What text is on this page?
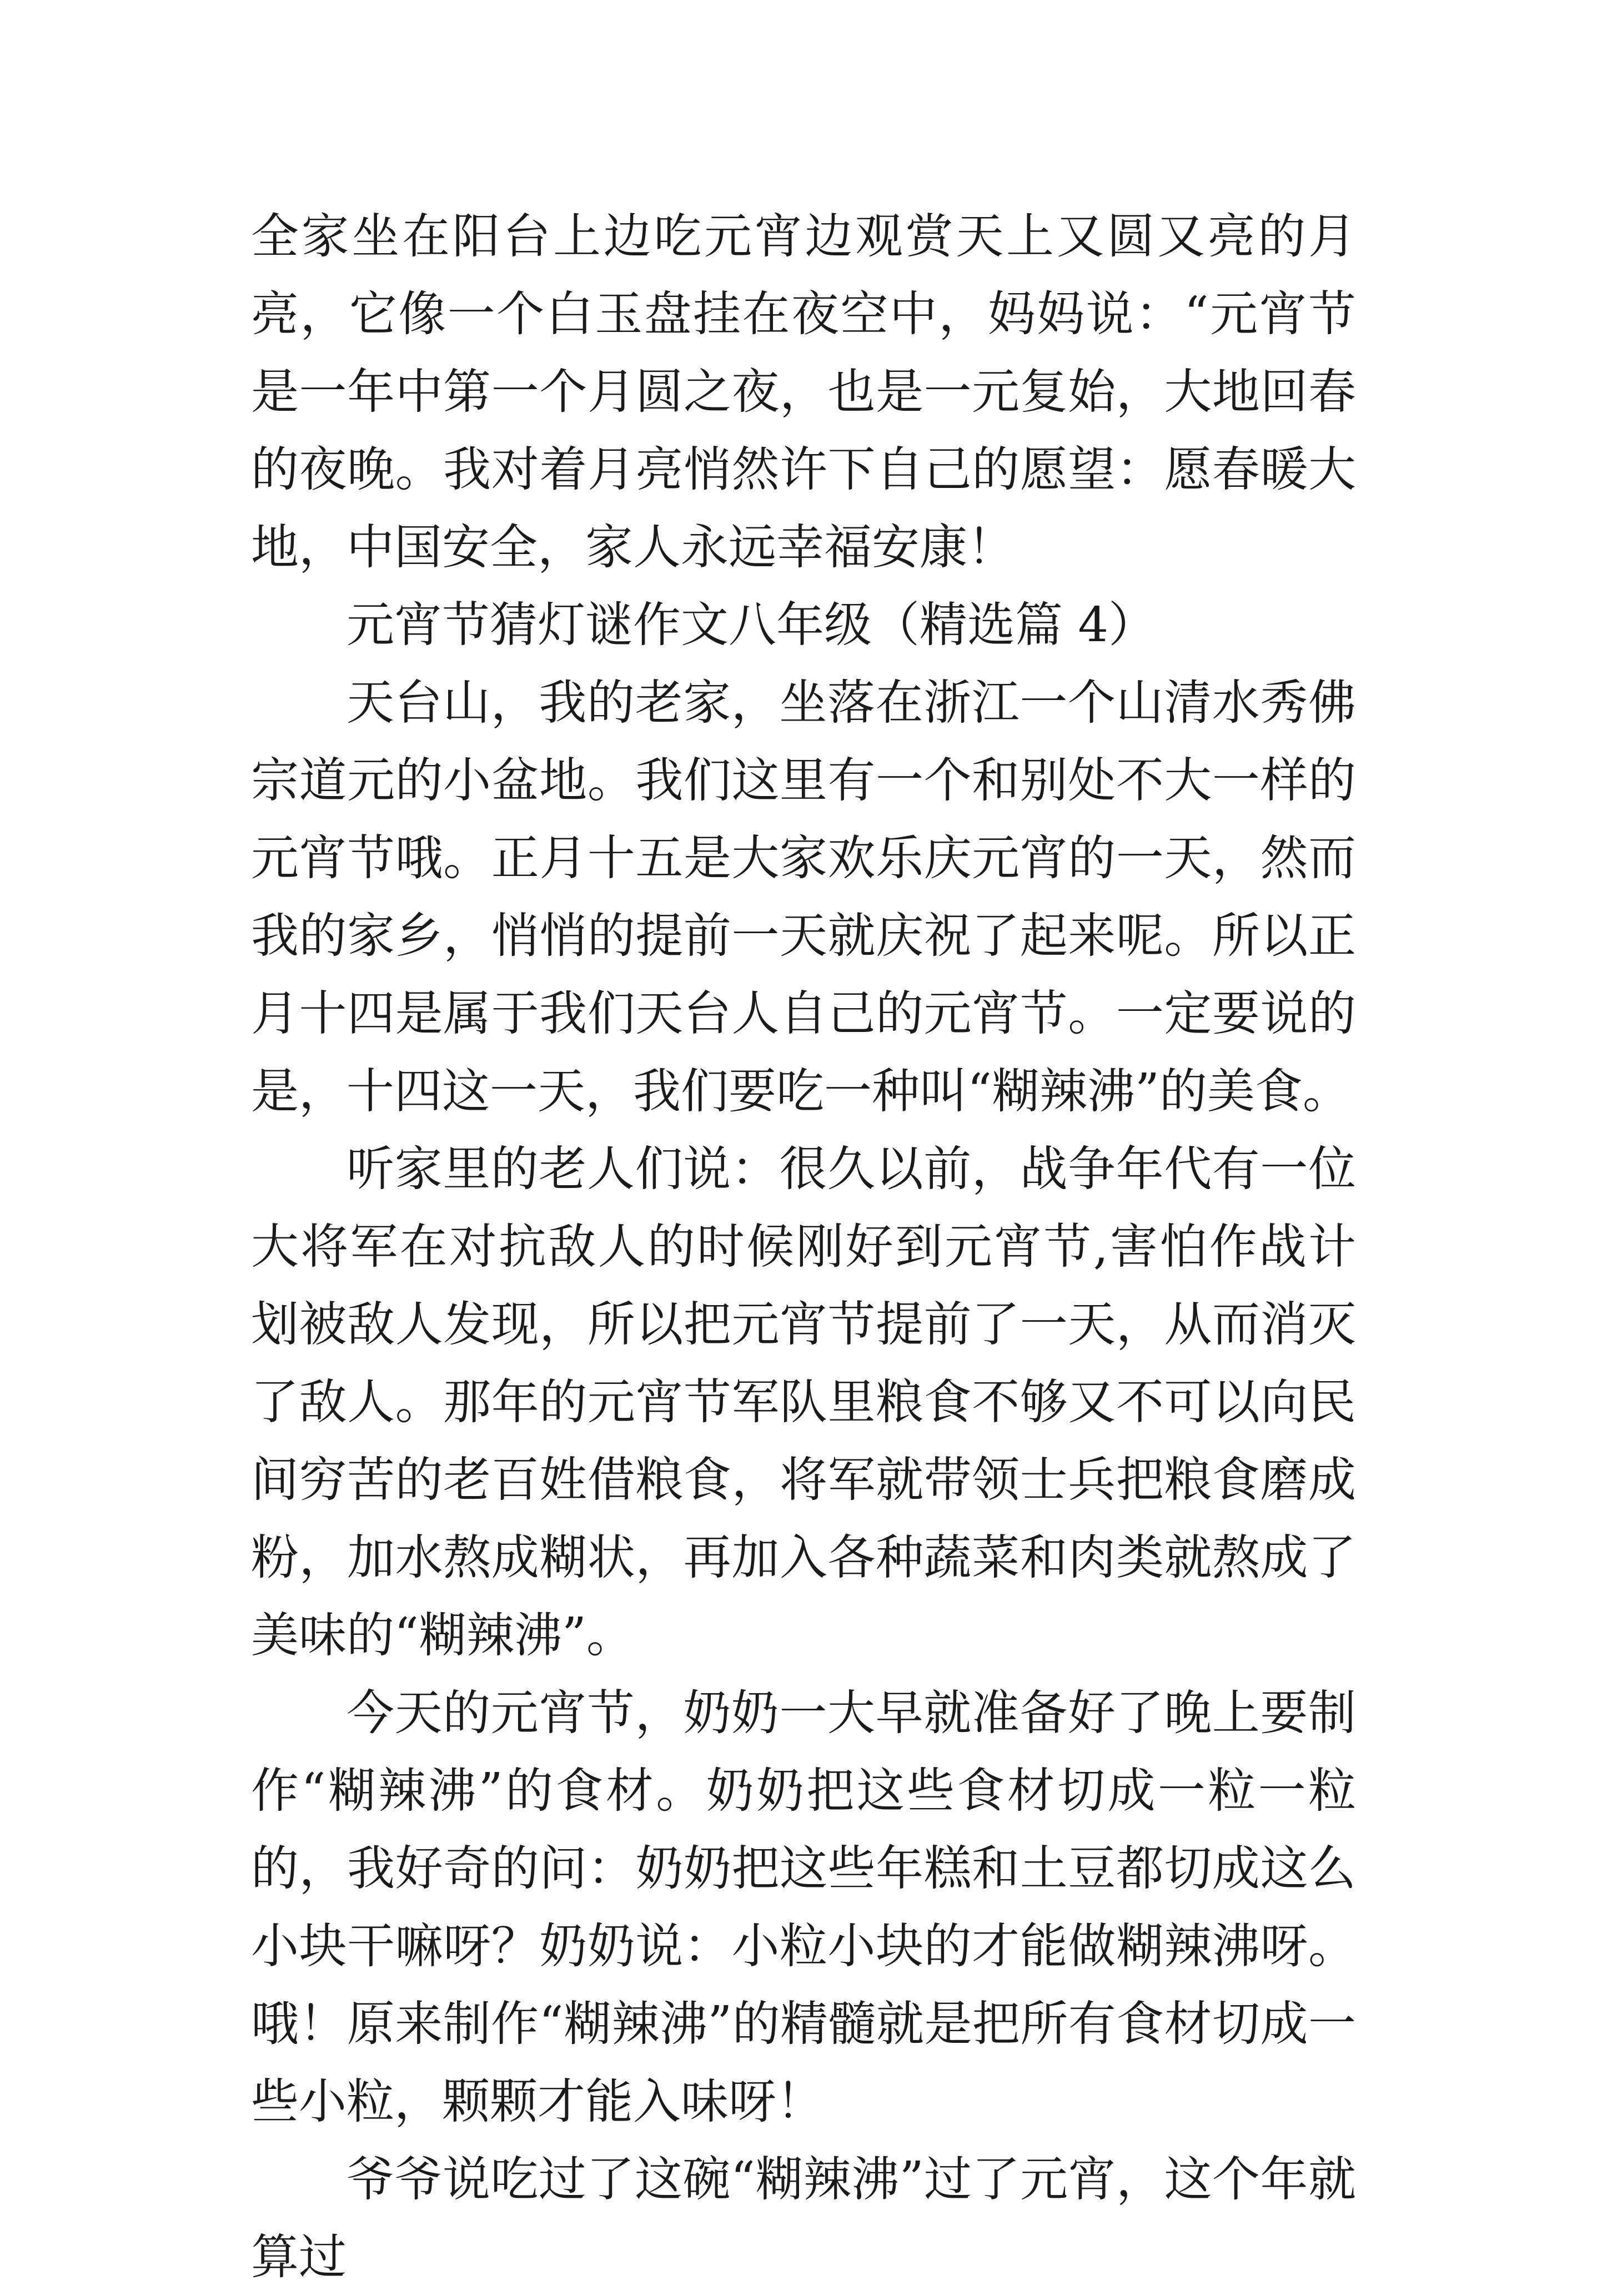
全家坐在阳台上边吃元宵边观赏天上又圆又亮的月亮，它像一个白玉盘挂在夜空中，妈妈说：“元宵节是一年中第一个月圆之夜，也是一元复始，大地回春的夜晚。我对着月亮悄然许下自己的愿望：愿春暖大地，中国安全，家人永远幸福安康！

元宵节猜灯谜作文八年级（精选篇 4）

天台山，我的老家，坐落在浙江一个山清水秀佛宗道元的小盆地。我们这里有一个和别处不大一样的元宵节哦。正月十五是大家欢乐庆元宵的一天，然而我的家乡，悄悄的提前一天就庆祝了起来呢。所以正月十四是属于我们天台人自己的元宵节。一定要说的是，十四这一天，我们要吃一种叫“糊辣沸”的美食。

听家里的老人们说：很久以前，战争年代有一位大将军在对抗敌人的时候刚好到元宵节,害怕作战计划被敌人发现，所以把元宵节提前了一天，从而消灭了敌人。那年的元宵节军队里粮食不够又不可以向民间穷苦的老百姓借粮食，将军就带领士兵把粮食磨成粉，加水熬成糊状，再加入各种蔬菜和肉类就熬成了美味的“糊辣沸”。

今天的元宵节，奶奶一大早就准备好了晚上要制作“糊辣沸”的食材。奶奶把这些食材切成一粒一粒的，我好奇的问：奶奶把这些年糕和土豆都切成这么小块干嘛呀？奶奶说：小粒小块的才能做糊辣沸呀。哦！原来制作“糊辣沸”的精髓就是把所有食材切成一些小粒，颗颗才能入味呀！

爷爷说吃过了这碗“糊辣沸”过了元宵，这个年就算过
